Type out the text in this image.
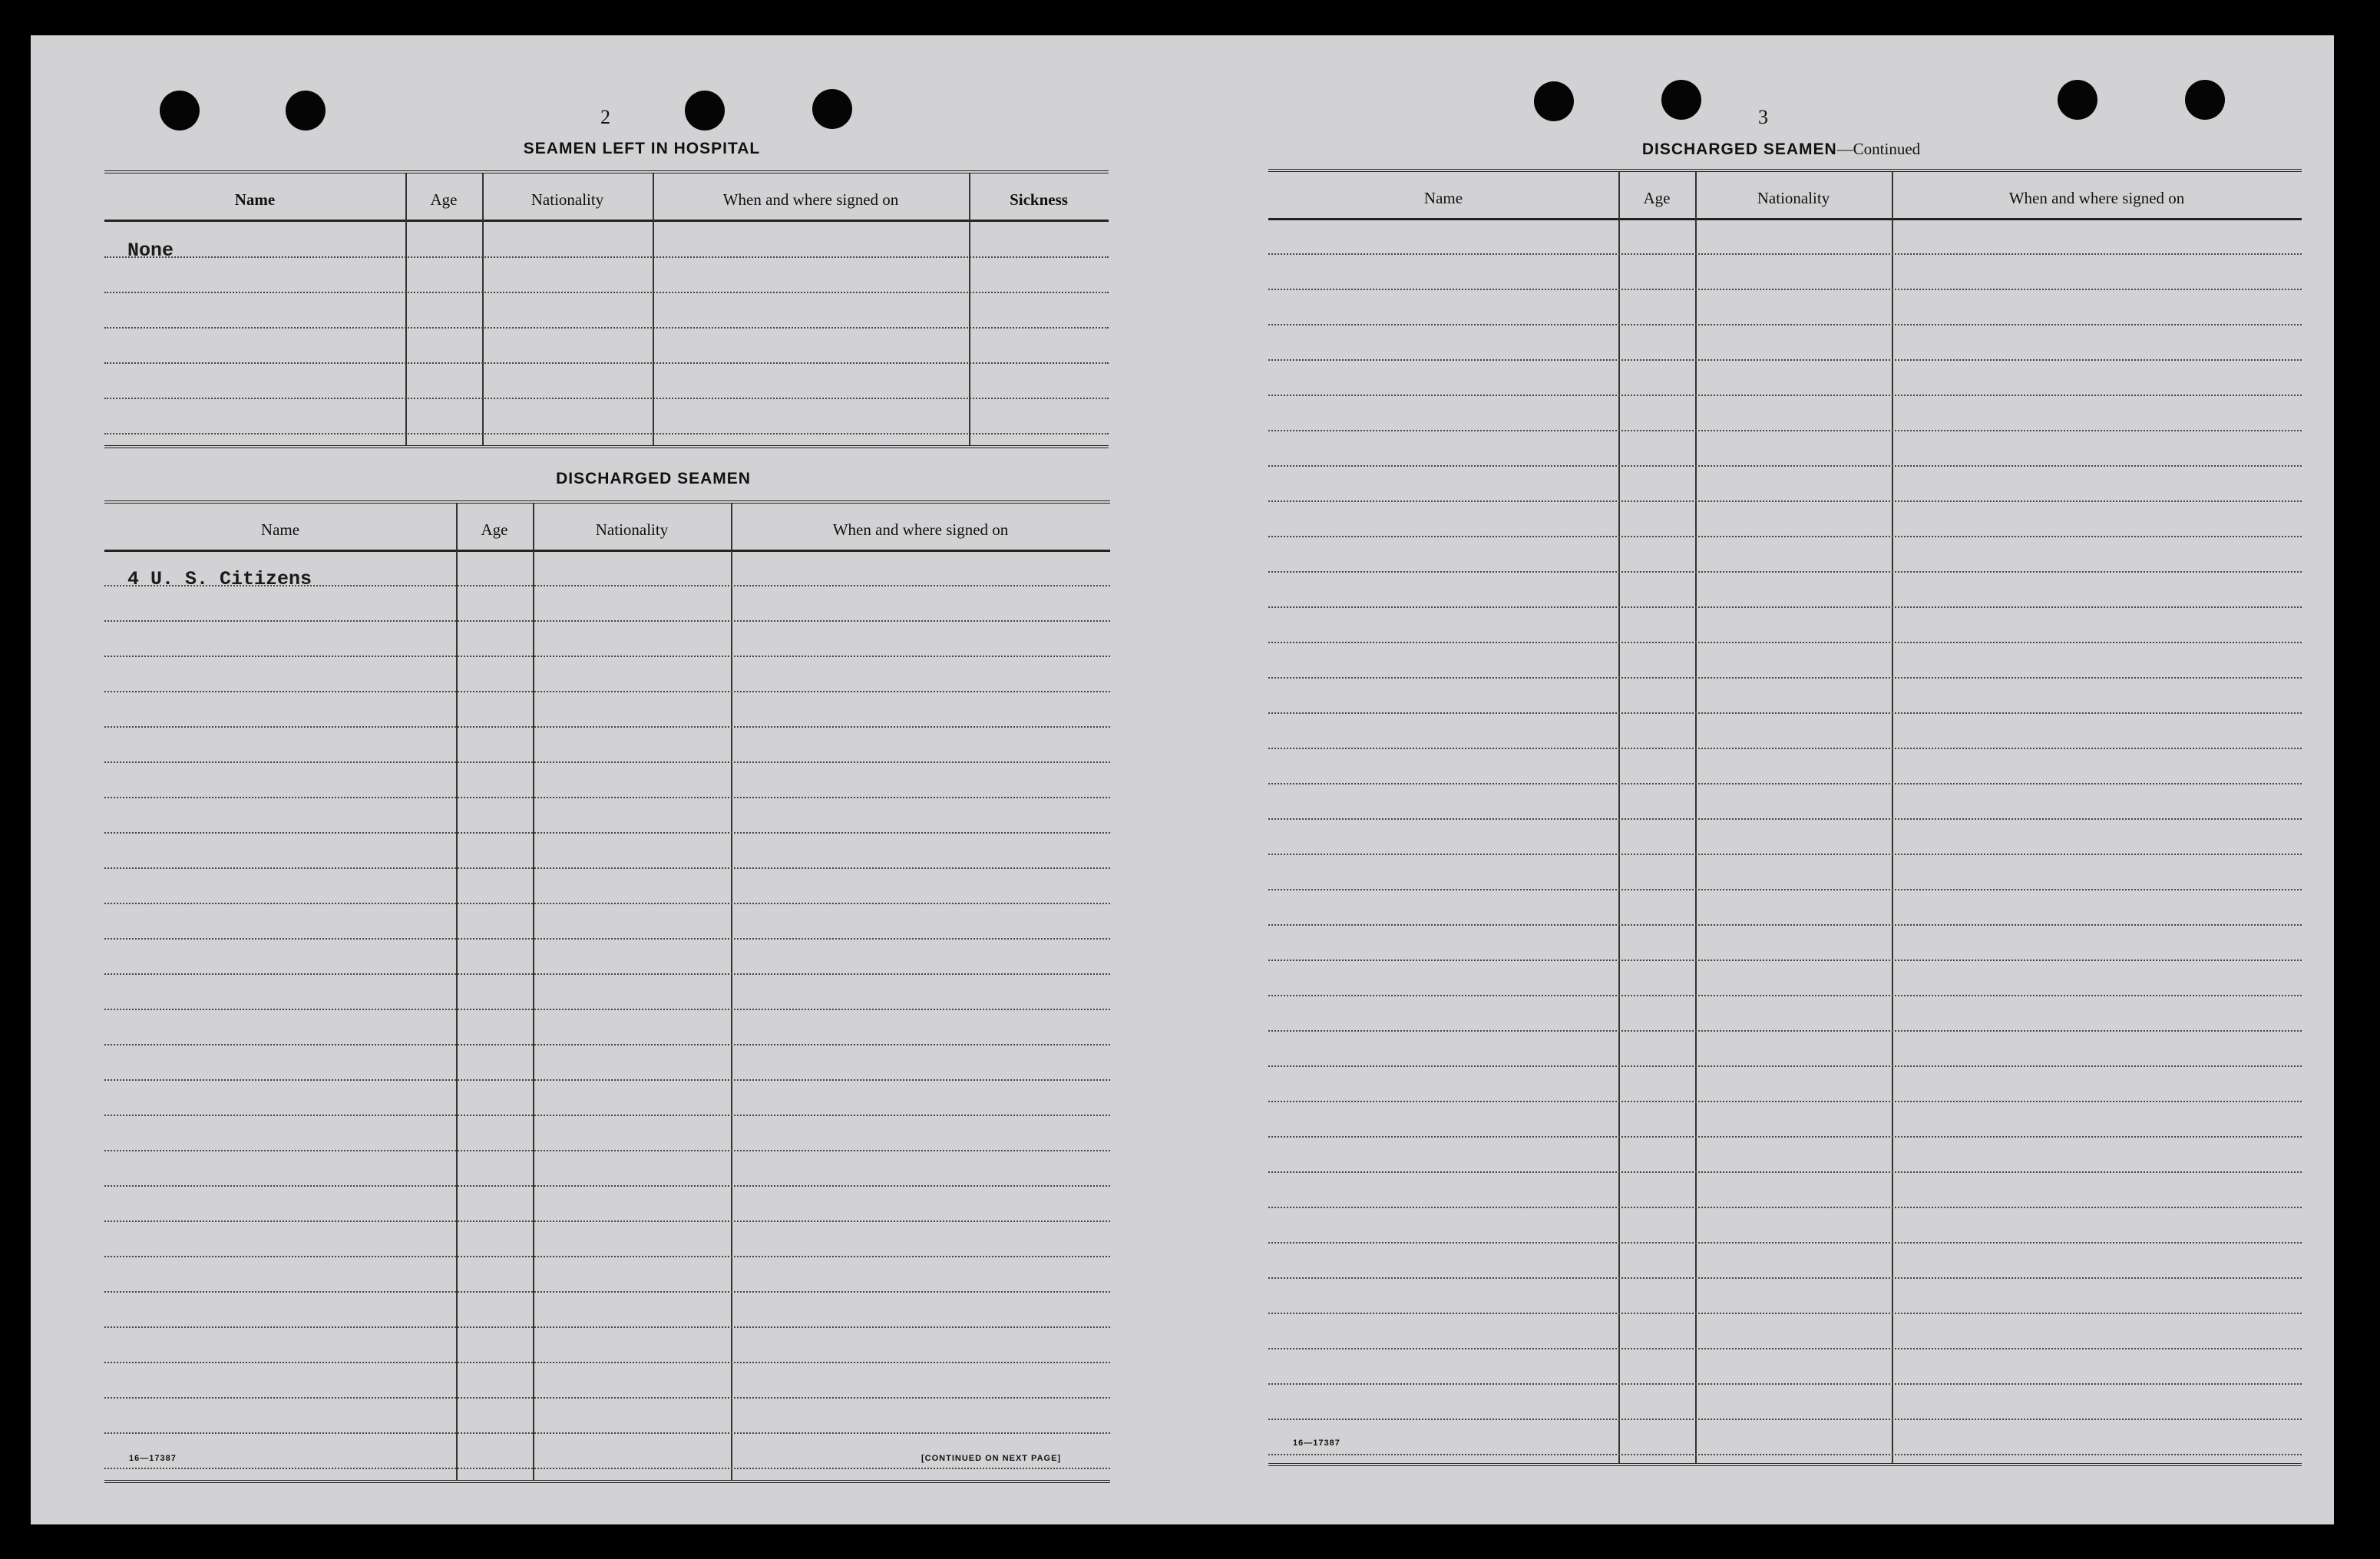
2
SEAMEN LEFT IN HOSPITAL
Name	Age	Nationality	When and where signed on	Sickness
None
DISCHARGED SEAMEN
Name	Age	Nationality	When and where signed on
4 U. S. Citizens
16—17387	[CONTINUED ON NEXT PAGE]
3
DISCHARGED SEAMEN—Continued
Name	Age	Nationality	When and where signed on
16—17387
